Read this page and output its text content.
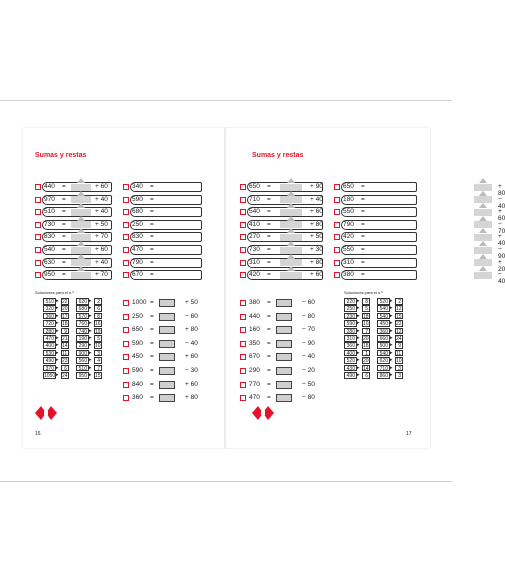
Sumas y restas
440 =	+ 60
970 =	+ 40
510 =	+ 40
730 =	+ 50
830 =	+ 70
540 =	+ 60
630 =	+ 40
950 =	+ 70
340 =
590 =
680 =
250 =
830 =
470 =
790 =
670 =
Soluciones para el n.º
510 ▸ 22
320 ▸ 20
360 ▸ 17
720 ▸ 18
280 ▸	9
470 ▸ 21
400 ▸ 14
530 ▸ 11
490 ▸ 23
370 ▸	6
1050 ▸ 24
620 ▸	2
680 ▸	6
570 ▸	8
760 ▸ 16
740 ▸ 19
190 ▸	5
290 ▸ 10
900 ▸	3
560 ▸	4
510 ▸	7
950 ▸ 15
1000 =	+ 50
250 =	− 60
650 =	+ 80
590 =	− 40
450 =	+ 60
590 =	− 30
840 =	+ 60
360 =	+ 80
16
Sumas y restas
650 =	+ 90
710 =	+ 40
540 =	+ 60
410 =	+ 80
270 =	+ 50
730 =	+ 30
310 =	+ 80
420 =	+ 60
650 =	+ 80
180 =	− 40
550 =	+ 60
790 =	− 70
420 =	+ 40
550 =	− 90
310 =	+ 20
380 =	− 40
380 =	− 60
440 =	− 80
160 =	− 70
350 =	− 90
670 =	− 40
290 =	− 20
770 =	− 50
470 =	− 80
Soluciones para el n.º
220 ▸	8
250 ▸	5
230 ▸ 18
590 ▸ 10
280 ▸	7
310 ▸ 20
360 ▸ 18
400 ▸	1
520 ▸ 20
430 ▸ 14
490 ▸	6
520 ▸	2
540 ▸ 12
540 ▸ 15
450 ▸ 22
360 ▸ 12
660 ▸ 24
500 ▸	9
540 ▸ 11
620 ▸ 10
710 ▸	3
860 ▸	3
17
